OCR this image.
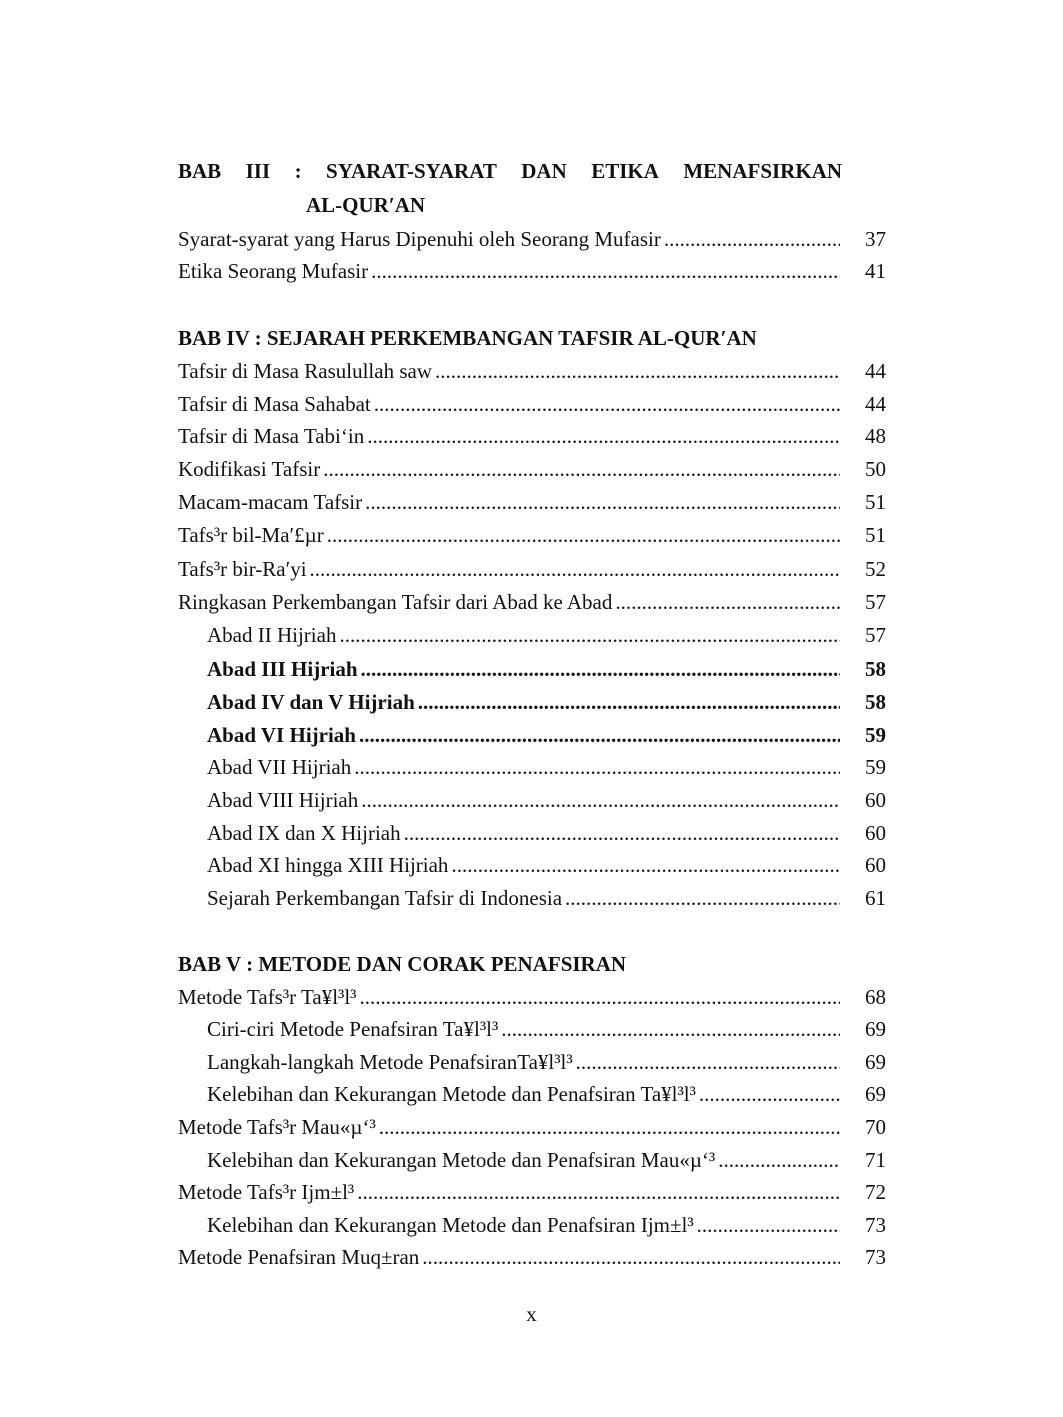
BAB III : SYARAT-SYARAT DAN ETIKA MENAFSIRKAN
AL-QUR′AN
Syarat-syarat yang Harus Dipenuhi oleh Seorang Mufasir .....	37
Etika Seorang Mufasir .....	41
BAB IV : SEJARAH PERKEMBANGAN TAFSIR AL-QUR′AN
Tafsir di Masa Rasulullah saw .....	44
Tafsir di Masa Sahabat .....	44
Tafsir di Masa Tabi‘in .....	48
Kodifikasi Tafsir .....	50
Macam-macam Tafsir .....	51
Tafs³r bil-Ma′£µr .....	51
Tafs³r bir-Ra′yi .....	52
Ringkasan Perkembangan Tafsir dari Abad ke Abad .....	57
Abad II Hijriah .....	57
Abad III Hijriah .....	58
Abad IV dan V Hijriah .....	58
Abad VI Hijriah .....	59
Abad VII Hijriah .....	59
Abad VIII Hijriah .....	60
Abad IX dan X Hijriah .....	60
Abad XI hingga XIII Hijriah .....	60
Sejarah Perkembangan Tafsir di Indonesia .....	61
BAB V : METODE DAN CORAK PENAFSIRAN
Metode Tafs³r Ta¥l³l³ .....	68
Ciri-ciri Metode Penafsiran Ta¥l³l³ .....	69
Langkah-langkah Metode PenafsiranTa¥l³l³ .....	69
Kelebihan dan Kekurangan Metode dan Penafsiran Ta¥l³l³ .....	69
Metode Tafs³r Mau«µ‘³ .....	70
Kelebihan dan Kekurangan Metode dan Penafsiran Mau«µ‘³ .....	71
Metode Tafs³r Ijm±l³ .....	72
Kelebihan dan Kekurangan Metode dan Penafsiran Ijm±l³ .....	73
Metode Penafsiran Muq±ran .....	73
x
